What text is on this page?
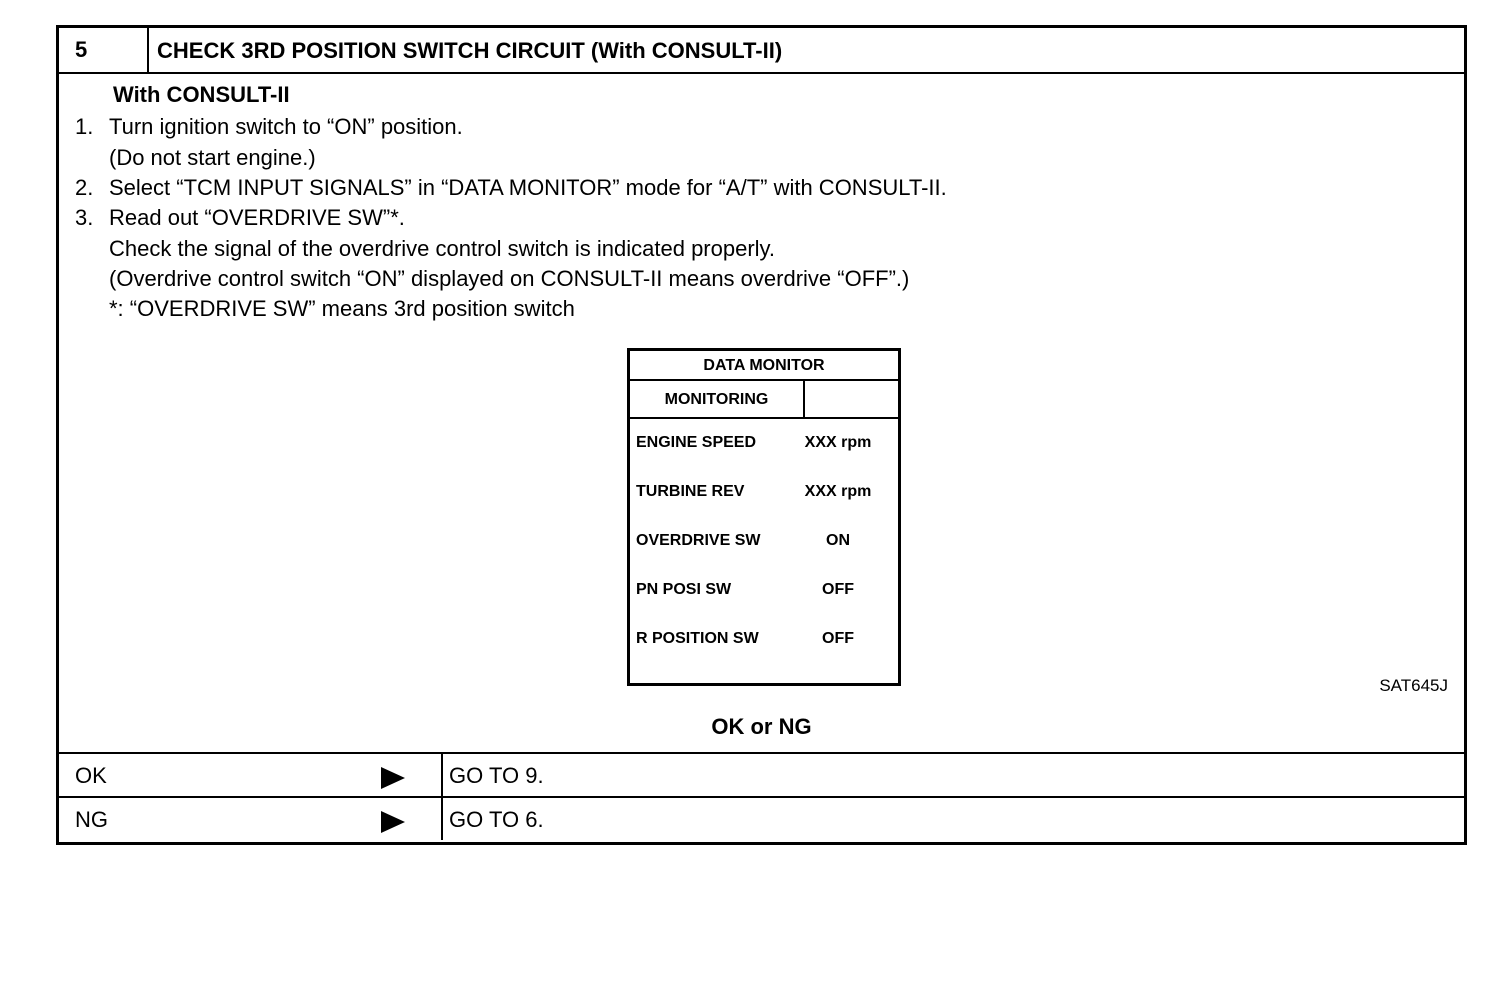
5	CHECK 3RD POSITION SWITCH CIRCUIT (With CONSULT-II)
With CONSULT-II
1. Turn ignition switch to “ON” position.
(Do not start engine.)
2. Select “TCM INPUT SIGNALS” in “DATA MONITOR” mode for “A/T” with CONSULT-II.
3. Read out “OVERDRIVE SW”*.
Check the signal of the overdrive control switch is indicated properly.
(Overdrive control switch “ON” displayed on CONSULT-II means overdrive “OFF”.)
*: “OVERDRIVE SW” means 3rd position switch
DATA MONITOR
MONITORING
ENGINE SPEED	XXX rpm
TURBINE REV	XXX rpm
OVERDRIVE SW	ON
PN POSI SW	OFF
R POSITION SW	OFF
SAT645J
OK or NG
OK	GO TO 9.
NG	GO TO 6.
